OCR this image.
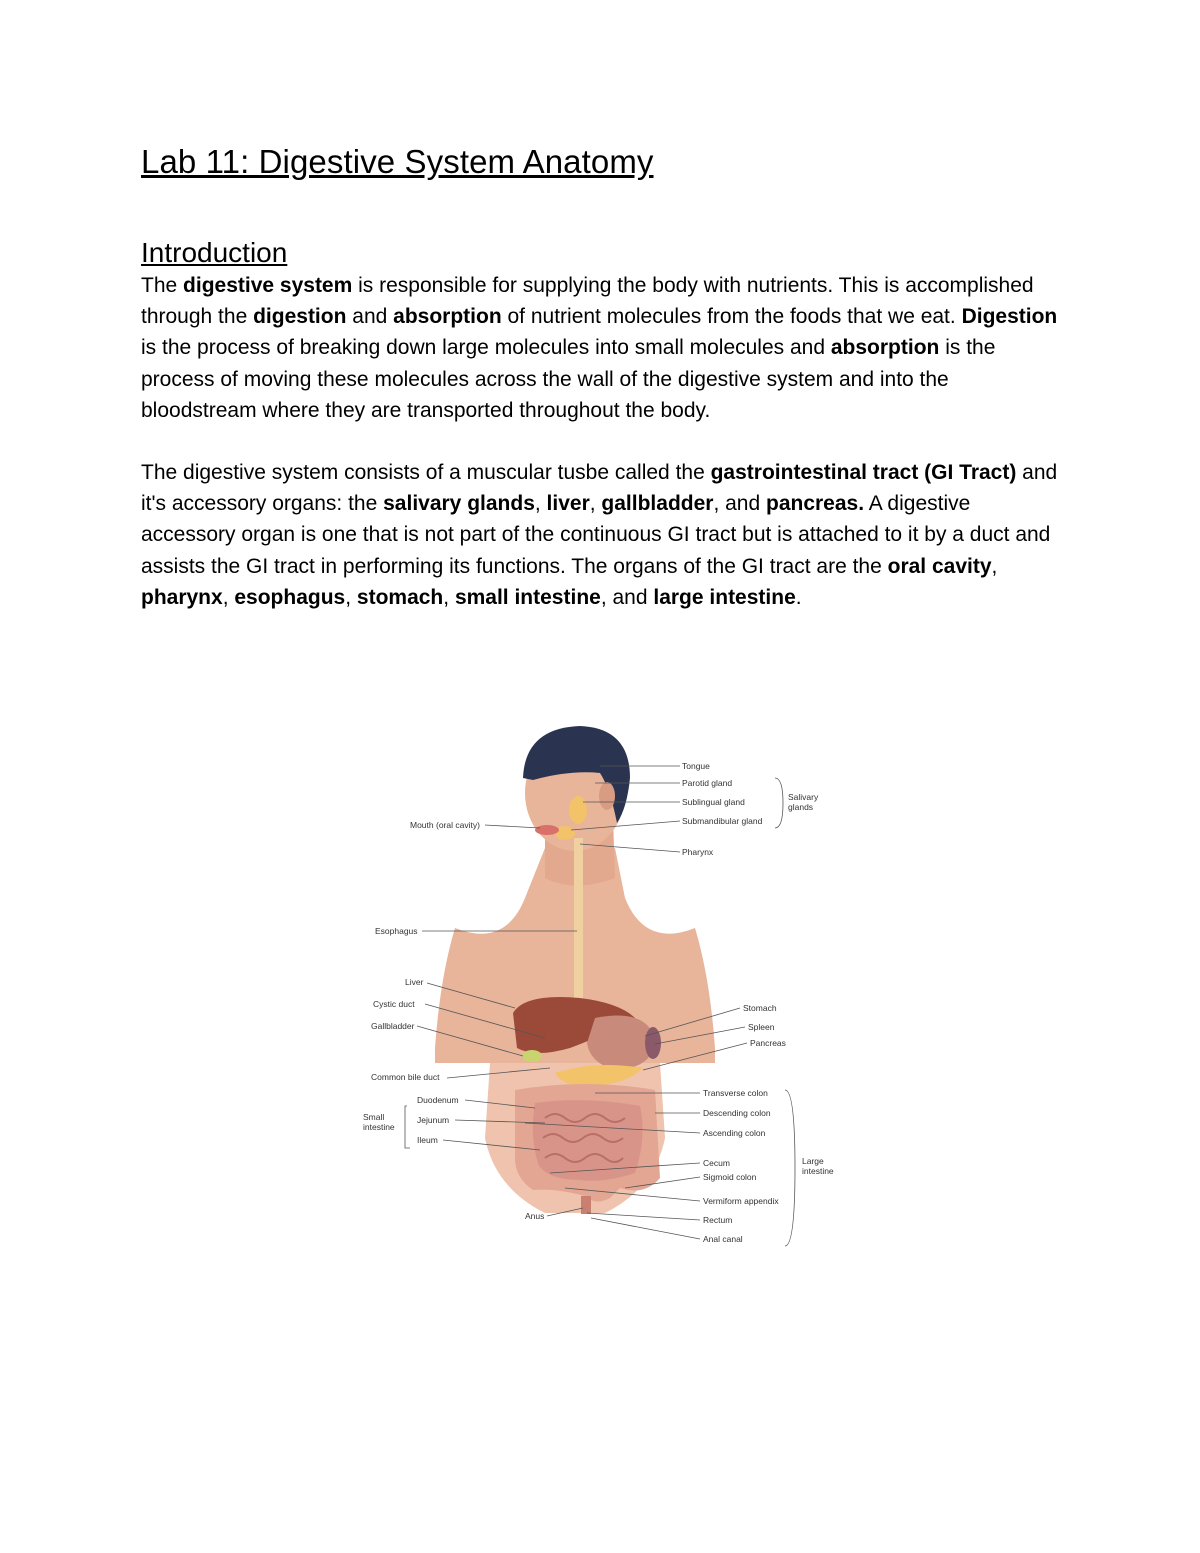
Lab 11: Digestive System Anatomy
Introduction

The digestive system is responsible for supplying the body with nutrients. This is accomplished through the digestion and absorption of nutrient molecules from the foods that we eat. Digestion is the process of breaking down large molecules into small molecules and absorption is the process of moving these molecules across the wall of the digestive system and into the bloodstream where they are transported throughout the body.

The digestive system consists of a muscular tusbe called the gastrointestinal tract (GI Tract) and it's accessory organs: the salivary glands, liver, gallbladder, and pancreas. A digestive accessory organ is one that is not part of the continuous GI tract but is attached to it by a duct and assists the GI tract in performing its functions. The organs of the GI tract are the oral cavity, pharynx, esophagus, stomach, small intestine, and large intestine.

Mouth (oral cavity)
Esophagus
Liver
Cystic duct
Gallbladder
Common bile duct
Duodenum
Jejunum
Ileum
Small
intestine
Anus
Tongue
Parotid gland
Sublingual gland
Submandibular gland
Salivary
glands
Pharynx
Stomach
Spleen
Pancreas
Transverse colon
Descending colon
Ascending colon
Cecum
Sigmoid colon
Vermiform appendix
Rectum
Anal canal
Large
intestine
